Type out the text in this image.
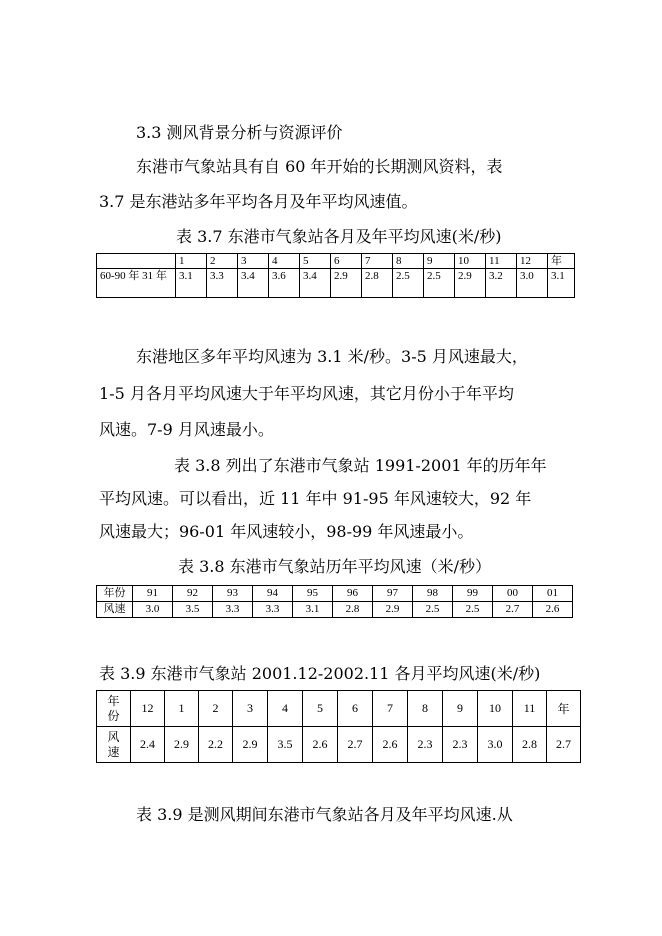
3.3 测风背景分析与资源评价
东港市气象站具有自 60 年开始的长期测风资料，表
3.7 是东港站多年平均各月及年平均风速值。
表 3.7 东港市气象站各月及年平均风速(米/秒)
	1	2	3	4	5	6	7	8	9	10	11	12	年
60-90 年 31 年	3.1	3.3	3.4	3.6	3.4	2.9	2.8	2.5	2.5	2.9	3.2	3.0	3.1
东港地区多年平均风速为 3.1 米/秒。3-5 月风速最大，
1-5 月各月平均风速大于年平均风速，其它月份小于年平均
风速。7-9 月风速最小。
表 3.8 列出了东港市气象站 1991-2001 年的历年年
平均风速。可以看出，近 11 年中 91-95 年风速较大，92 年
风速最大；96-01 年风速较小，98-99 年风速最小。
表 3.8 东港市气象站历年平均风速（米/秒）
年份	91	92	93	94	95	96	97	98	99	00	01
风速	3.0	3.5	3.3	3.3	3.1	2.8	2.9	2.5	2.5	2.7	2.6
表 3.9 东港市气象站 2001.12-2002.11 各月平均风速(米/秒)
年份	12	1	2	3	4	5	6	7	8	9	10	11	年
风速	2.4	2.9	2.2	2.9	3.5	2.6	2.7	2.6	2.3	2.3	3.0	2.8	2.7
表 3.9 是测风期间东港市气象站各月及年平均风速.从
